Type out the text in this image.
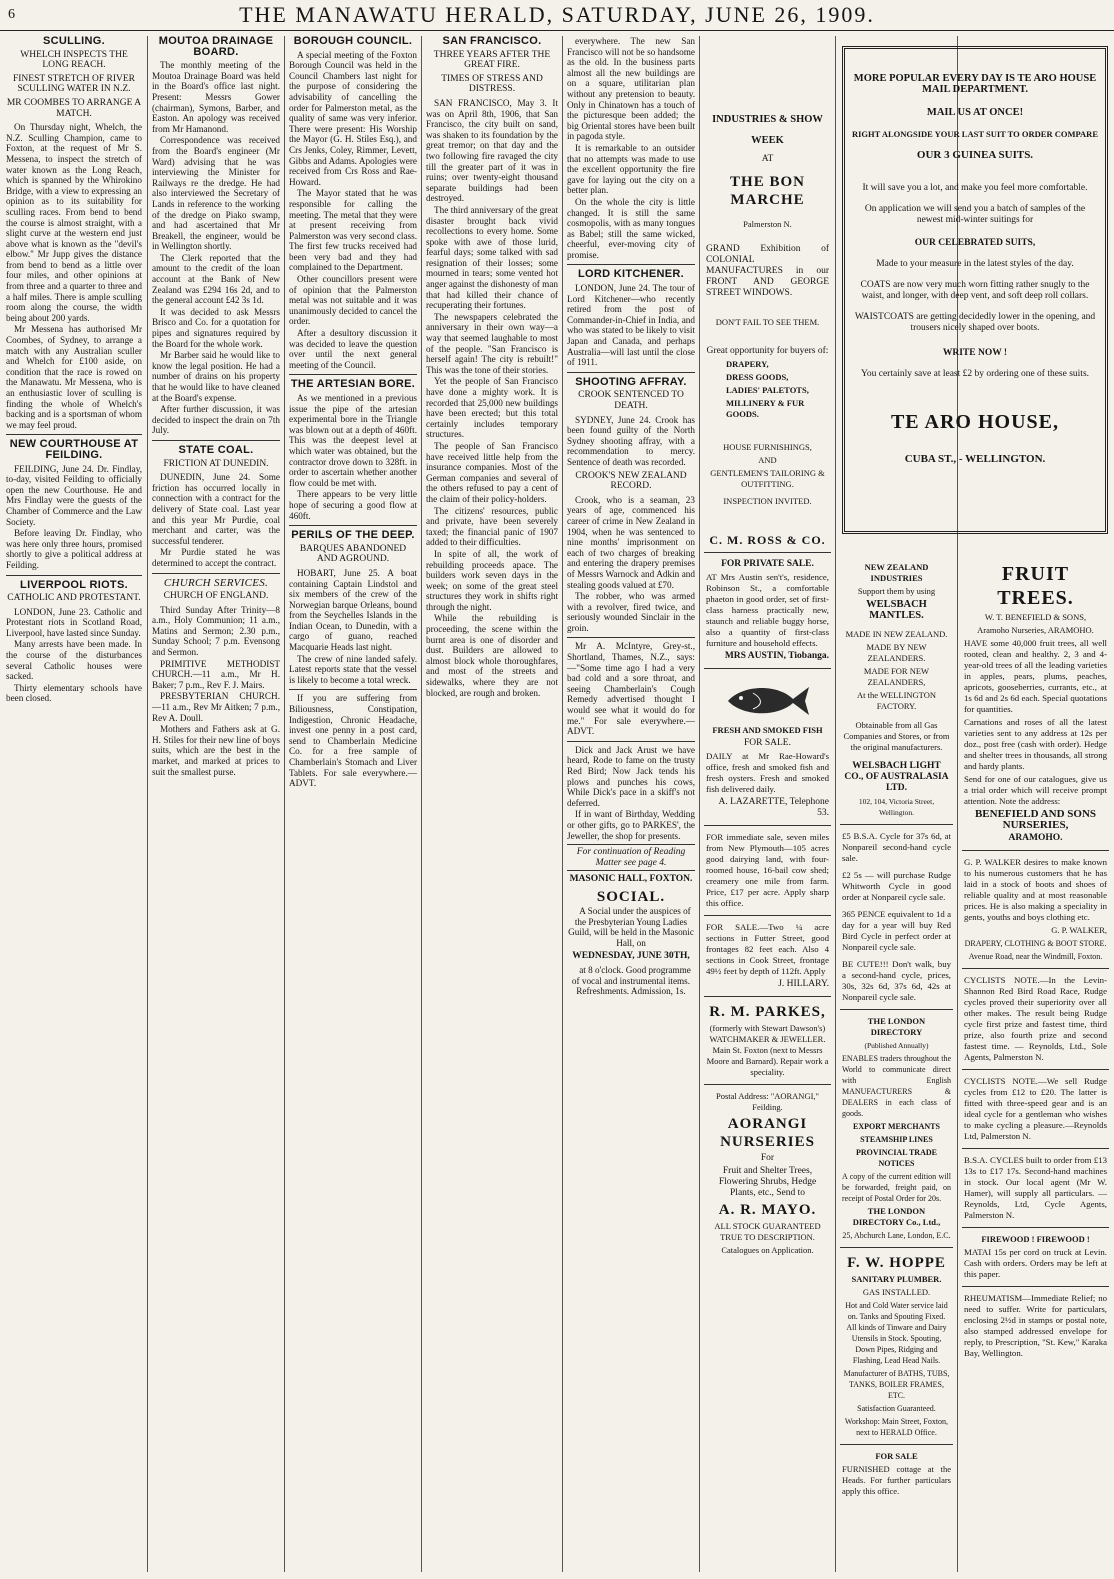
THE MANAWATU HERALD, SATURDAY, JUNE 26, 1909.
6
SCULLING.

WHELCH INSPECTS THE LONG REACH.

FINEST STRETCH OF RIVER SCULLING WATER IN N.Z.

MR COOMBES TO ARRANGE A MATCH.

On Thursday night, Whelch, the N.Z. Sculling Champion, came to Foxton, at the request of Mr S. Messena, to inspect the stretch of water known as the Long Reach, which is spanned by the Whirokino Bridge, with a view to expressing an opinion as to its suitability for sculling races. From bend to bend the course is almost straight, with a slight curve at the western end just above what is known as the "devil's elbow." Mr Jupp gives the distance from bend to bend as a little over four miles, and other opinions at from three and a quarter to three and a half miles. There is ample sculling room along the course, the width being about 200 yards.

Mr Messena has authorised Mr Coombes, of Sydney, to arrange a match with any Australian sculler and Whelch for £100 aside, on condition that the race is rowed on the Manawatu. Mr Messena, who is an enthusiastic lover of sculling is finding the whole of Whelch's backing and is a sportsman of whom we may feel proud.

NEW COURTHOUSE AT FEILDING.

FEILDING, June 24. Dr. Findlay, to-day, visited Feilding to officially open the new Courthouse. He and Mrs Findlay were the guests of the Chamber of Commerce and the Law Society.

Before leaving Dr. Findlay, who was here only three hours, promised shortly to give a political address at Feilding.

LIVERPOOL RIOTS.

CATHOLIC AND PROTESTANT.

LONDON, June 23. Catholic and Protestant riots in Scotland Road, Liverpool, have lasted since Sunday.

Many arrests have been made. In the course of the disturbances several Catholic houses were sacked.

Thirty elementary schools have been closed.

MOUTOA DRAINAGE BOARD.

The monthly meeting of the Moutoa Drainage Board was held in the Board's office last night. Present: Messrs Gower (chairman), Symons, Barber, and Easton. An apology was received from Mr Hamanond.

Correspondence was received from the Board's engineer (Mr Ward) advising that he was interviewing the Minister for Railways re the dredge. He had also interviewed the Secretary of Lands in reference to the working of the dredge on Piako swamp, and had ascertained that Mr Breakell, the engineer, would be in Wellington shortly.

The Clerk reported that the amount to the credit of the loan account at the Bank of New Zealand was £294 16s 2d, and to the general account £42 3s 1d.

It was decided to ask Messrs Brisco and Co. for a quotation for pipes and signatures required by the Board for the whole work.

Mr Barber said he would like to know the legal position. He had a number of drains on his property that he would like to have cleaned at the Board's expense.

After further discussion, it was decided to inspect the drain on 7th July.

STATE COAL.

FRICTION AT DUNEDIN.

DUNEDIN, June 24. Some friction has occurred locally in connection with a contract for the delivery of State coal. Last year and this year Mr Purdie, coal merchant and carter, was the successful tenderer.

Mr Purdie stated he was determined to accept the contract.

CHURCH SERVICES.

CHURCH OF ENGLAND.

Third Sunday After Trinity—8 a.m., Holy Communion; 11 a.m., Matins and Sermon; 2.30 p.m., Sunday School; 7 p.m. Evensong and Sermon.

PRIMITIVE METHODIST CHURCH.—11 a.m., Mr H. Baker; 7 p.m., Rev F. J. Mairs.

PRESBYTERIAN CHURCH.—11 a.m., Rev Mr Aitken; 7 p.m., Rev A. Doull.

Mothers and Fathers ask at G. H. Stiles for their new line of boys suits, which are the best in the market, and marked at prices to suit the smallest purse.

BOROUGH COUNCIL.

A special meeting of the Foxton Borough Council was held in the Council Chambers last night for the purpose of considering the advisability of cancelling the order for Palmerston metal, as the quality of same was very inferior. There were present: His Worship the Mayor (G. H. Stiles Esq.), and Crs Jenks, Coley, Rimmer, Levett, Gibbs and Adams. Apologies were received from Crs Ross and Rae-Howard.

The Mayor stated that he was responsible for calling the meeting. The metal that they were at present receiving from Palmerston was very second class. The first few trucks received had been very bad and they had complained to the Department.

Other councillors present were of opinion that the Palmerston metal was not suitable and it was unanimously decided to cancel the order.

After a desultory discussion it was decided to leave the question over until the next general meeting of the Council.

THE ARTESIAN BORE.

As we mentioned in a previous issue the pipe of the artesian experimental bore in the Triangle was blown out at a depth of 460ft. This was the deepest level at which water was obtained, but the contractor drove down to 328ft. in order to ascertain whether another flow could be met with.

There appears to be very little hope of securing a good flow at 460ft.

PERILS OF THE DEEP.

BARQUES ABANDONED AND AGROUND.

HOBART, June 25. A boat containing Captain Lindstol and six members of the crew of the Norwegian barque Orleans, bound from the Seychelles Islands in the Indian Ocean, to Dunedin, with a cargo of guano, reached Macquarie Heads last night.

The crew of nine landed safely. Latest reports state that the vessel is likely to become a total wreck.

If you are suffering from Biliousness, Constipation, Indigestion, Chronic Headache, invest one penny in a post card, send to Chamberlain Medicine Co. for a free sample of Chamberlain's Stomach and Liver Tablets. For sale everywhere.—ADVT.

SAN FRANCISCO.

THREE YEARS AFTER THE GREAT FIRE.

TIMES OF STRESS AND DISTRESS.

SAN FRANCISCO, May 3. It was on April 8th, 1906, that San Francisco, the city built on sand, was shaken to its foundation by the great tremor; on that day and the two following fire ravaged the city till the greater part of it was in ruins; over twenty-eight thousand separate buildings had been destroyed.

The third anniversary of the great disaster brought back vivid recollections to every home. Some spoke with awe of those lurid, fearful days; some talked with sad resignation of their losses; some mourned in tears; some vented hot anger against the dishonesty of man that had killed their chance of recuperating their fortunes.

The newspapers celebrated the anniversary in their own way—a way that seemed laughable to most of the people. "San Francisco is herself again! The city is rebuilt!" This was the tone of their stories.

Yet the people of San Francisco have done a mighty work. It is recorded that 25,000 new buildings have been erected; but this total certainly includes temporary structures.

The people of San Francisco have received little help from the insurance companies. Most of the German companies and several of the others refused to pay a cent of the claim of their policy-holders.

The citizens' resources, public and private, have been severely taxed; the financial panic of 1907 added to their difficulties.

In spite of all, the work of rebuilding proceeds apace. The builders work seven days in the week; on some of the great steel structures they work in shifts right through the night.

While the rebuilding is proceeding, the scene within the burnt area is one of disorder and dust. Builders are allowed to almost block whole thoroughfares, and most of the streets and sidewalks, where they are not blocked, are rough and broken.

everywhere. The new San Francisco will not be so handsome as the old. In the business parts almost all the new buildings are on a square, utilitarian plan without any pretension to beauty. Only in Chinatown has a touch of the picturesque been added; the big Oriental stores have been built in pagoda style.

It is remarkable to an outsider that no attempts was made to use the excellent opportunity the fire gave for laying out the city on a better plan.

On the whole the city is little changed. It is still the same cosmopolis, with as many tongues as Babel; still the same wicked, cheerful, ever-moving city of promise.

LORD KITCHENER.

LONDON, June 24. The tour of Lord Kitchener—who recently retired from the post of Commander-in-Chief in India, and who was stated to be likely to visit Japan and Canada, and perhaps Australia—will last until the close of 1911.

SHOOTING AFFRAY.

CROOK SENTENCED TO DEATH.

SYDNEY, June 24. Crook has been found guilty of the North Sydney shooting affray, with a recommendation to mercy. Sentence of death was recorded.

CROOK'S NEW ZEALAND RECORD.

Crook, who is a seaman, 23 years of age, commenced his career of crime in New Zealand in 1904, when he was sentenced to nine months' imprisonment on each of two charges of breaking and entering the drapery premises of Messrs Warnock and Adkin and stealing goods valued at £70.

The robber, who was armed with a revolver, fired twice, and seriously wounded Sinclair in the groin.

Mr A. McIntyre, Grey-st., Shortland, Thames, N.Z., says:—"Some time ago I had a very bad cold and a sore throat, and seeing Chamberlain's Cough Remedy advertised thought I would see what it would do for me." For sale everywhere.—ADVT.

Dick and Jack Arust we have heard, Rode to fame on the trusty Red Bird; Now Jack tends his plows and punches his cows, While Dick's pace in a skiff's not deferred.

If in want of Birthday, Wedding or other gifts, go to PARKES', the Jeweller, the shop for presents.

For continuation of Reading Matter see page 4.

MASONIC HALL, FOXTON.

SOCIAL.

A Social under the auspices of the Presbyterian Young Ladies Guild, will be held in the Masonic Hall, on

WEDNESDAY, JUNE 30TH,

at 8 o'clock. Good programme of vocal and instrumental items. Refreshments. Admission, 1s.

INDUSTRIES & SHOW
WEEK
AT
THE BON MARCHE
Palmerston N.

GRAND Exhibition of COLONIAL MANUFACTURES in our FRONT AND GEORGE STREET WINDOWS.

DON'T FAIL TO SEE THEM.

Great opportunity for buyers of:

DRAPERY,

DRESS GOODS,

LADIES' PALETOTS,

MILLINERY & FUR GOODS.

HOUSE FURNISHINGS,

AND

GENTLEMEN'S TAILORING & OUTFITTING.

INSPECTION INVITED.

C. M. ROSS & CO.

FOR PRIVATE SALE.

AT Mrs Austin sen't's, residence, Robinson St., a comfortable phaeton in good order, set of first-class harness practically new, staunch and reliable buggy horse, also a quantity of first-class furniture and household effects.

MRS AUSTIN, Tiobanga.

FRESH AND SMOKED FISH

FOR SALE.

DAILY at Mr Rae-Howard's office, fresh and smoked fish and fresh oysters. Fresh and smoked fish delivered daily.

A. LAZARETTE, Telephone 53.

FOR immediate sale, seven miles from New Plymouth—105 acres good dairying land, with four-roomed house, 16-bail cow shed; creamery one mile from farm. Price, £17 per acre. Apply sharp this office.

FOR SALE.—Two ¼ acre sections in Futter Street, good frontages 82 feet each. Also 4 sections in Cook Street, frontage 49½ feet by depth of 112ft. Apply

J. HILLARY.

R. M. PARKES,

(formerly with Stewart Dawson's) WATCHMAKER & JEWELLER. Main St. Foxton (next to Messrs Moore and Barnard). Repair work a speciality.

Postal Address: "AORANGI," Feilding.

AORANGI NURSERIES

For

Fruit and Shelter Trees, Flowering Shrubs, Hedge Plants, etc., Send to

A. R. MAYO.

ALL STOCK GUARANTEED TRUE TO DESCRIPTION.

Catalogues on Application.

MORE POPULAR EVERY DAY IS TE ARO HOUSE MAIL DEPARTMENT.

MAIL US AT ONCE!

RIGHT ALONGSIDE YOUR LAST SUIT TO ORDER COMPARE

OUR 3 GUINEA SUITS.

It will save you a lot, and make you feel more comfortable.

On application we will send you a batch of samples of the newest mid-winter suitings for

OUR CELEBRATED SUITS,

Made to your measure in the latest styles of the day.

COATS are now very much worn fitting rather snugly to the waist, and longer, with deep vent, and soft deep roll collars.

WAISTCOATS are getting decidedly lower in the opening, and trousers nicely shaped over boots.

WRITE NOW !

You certainly save at least £2 by ordering one of these suits.

TE ARO HOUSE,

CUBA ST., - WELLINGTON.

NEW ZEALAND INDUSTRIES

Support them by using

WELSBACH MANTLES.

MADE IN NEW ZEALAND.

MADE BY NEW ZEALANDERS.

MADE FOR NEW ZEALANDERS,

At the WELLINGTON FACTORY.

Obtainable from all Gas Companies and Stores, or from the original manufacturers.

WELSBACH LIGHT CO., OF AUSTRALASIA LTD.

102, 104, Victoria Street, Wellington.

£5 B.S.A. Cycle for 37s 6d, at Nonpareil second-hand cycle sale.

£2 5s — will purchase Rudge Whitworth Cycle in good order at Nonpareil cycle sale.

365 PENCE equivalent to 1d a day for a year will buy Red Bird Cycle in perfect order at Nonpareil cycle sale.

BE CUTE!!! Don't walk, buy a second-hand cycle, prices, 30s, 32s 6d, 37s 6d, 42s at Nonpareil cycle sale.

THE LONDON DIRECTORY

(Published Annually)

ENABLES traders throughout the World to communicate direct with English MANUFACTURERS & DEALERS in each class of goods.

EXPORT MERCHANTS

STEAMSHIP LINES

PROVINCIAL TRADE NOTICES

A copy of the current edition will be forwarded, freight paid, on receipt of Postal Order for 20s.

THE LONDON DIRECTORY Co., Ltd.,

25, Abchurch Lane, London, E.C.

F. W. HOPPE

SANITARY PLUMBER.

GAS INSTALLED.

Hot and Cold Water service laid on. Tanks and Spouting Fixed. All kinds of Tinware and Dairy Utensils in Stock. Spouting, Down Pipes, Ridging and Flashing, Lead Head Nails.

Manufacturer of BATHS, TUBS, TANKS, BOILER FRAMES, ETC.

Satisfaction Guaranteed.

Workshop: Main Street, Foxton, next to HERALD Office.

FOR SALE

FURNISHED cottage at the Heads. For further particulars apply this office.

FRUIT TREES.

W. T. BENEFIELD & SONS,

Aramoho Nurseries, ARAMOHO.

HAVE some 40,000 fruit trees, all well rooted, clean and healthy. 2, 3 and 4-year-old trees of all the leading varieties in apples, pears, plums, peaches, apricots, gooseberries, currants, etc., at 1s 6d and 2s 6d each. Special quotations for quantities.

Carnations and roses of all the latest varieties sent to any address at 12s per doz., post free (cash with order). Hedge and shelter trees in thousands, all strong and hardy plants.

Send for one of our catalogues, give us a trial order which will receive prompt attention. Note the address:

BENEFIELD AND SONS NURSERIES,

ARAMOHO.

G. P. WALKER desires to make known to his numerous customers that he has laid in a stock of boots and shoes of reliable quality and at most reasonable prices. He is also making a speciality in gents, youths and boys clothing etc.

G. P. WALKER,

DRAPERY, CLOTHING & BOOT STORE.

Avenue Road, near the Windmill, Foxton.

CYCLISTS NOTE.—In the Levin-Shannon Red Bird Road Race, Rudge cycles proved their superiority over all other makes. The result being Rudge cycle first prize and fastest time, third prize, also fourth prize and second fastest time. — Reynolds, Ltd., Sole Agents, Palmerston N.

CYCLISTS NOTE.—We sell Rudge cycles from £12 to £20. The latter is fitted with three-speed gear and is an ideal cycle for a gentleman who wishes to make cycling a pleasure.—Reynolds Ltd, Palmerston N.

B.S.A. CYCLES built to order from £13 13s to £17 17s. Second-hand machines in stock. Our local agent (Mr W. Hamer), will supply all particulars. — Reynolds, Ltd, Cycle Agents, Palmerston N.

FIREWOOD ! FIREWOOD !

MATAI 15s per cord on truck at Levin. Cash with orders. Orders may be left at this paper.

RHEUMATISM—Immediate Relief; no need to suffer. Write for particulars, enclosing 2½d in stamps or postal note, also stamped addressed envelope for reply, to Prescription, "St. Kew," Karaka Bay, Wellington.
